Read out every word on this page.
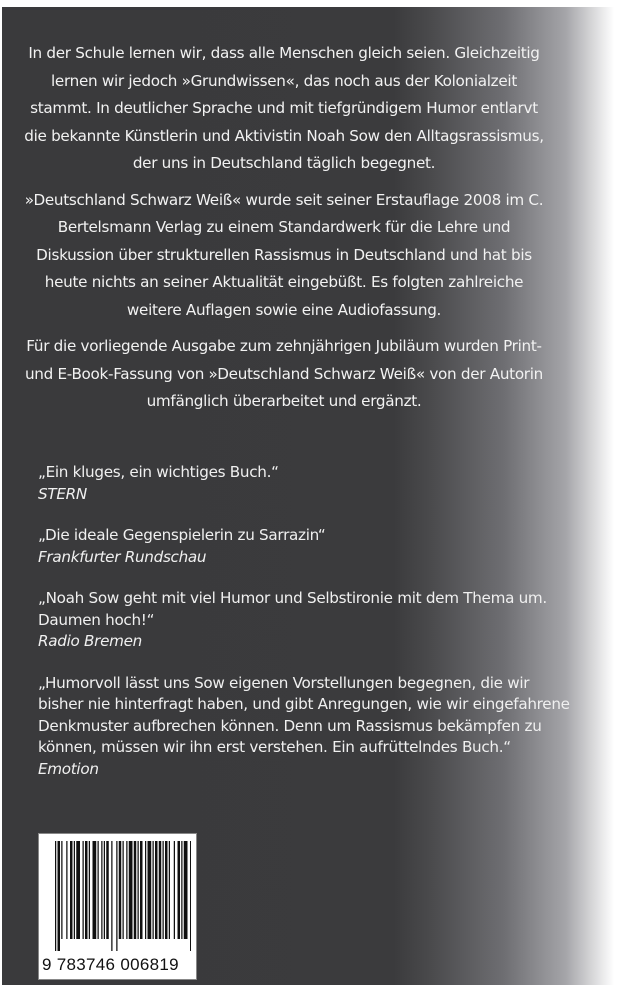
In der Schule lernen wir, dass alle Menschen gleich seien. Gleichzeitig lernen wir jedoch »Grundwissen«, das noch aus der Kolonialzeit stammt. In deutlicher Sprache und mit tiefgründigem Humor entlarvt die bekannte Künstlerin und Aktivistin Noah Sow den Alltagsrassismus, der uns in Deutschland täglich begegnet.

»Deutschland Schwarz Weiß« wurde seit seiner Erstauflage 2008 im C. Bertelsmann Verlag zu einem Standardwerk für die Lehre und Diskussion über strukturellen Rassismus in Deutschland und hat bis heute nichts an seiner Aktualität eingebüßt. Es folgten zahlreiche weitere Auflagen sowie eine Audiofassung.

Für die vorliegende Ausgabe zum zehnjährigen Jubiläum wurden Print- und E-Book-Fassung von »Deutschland Schwarz Weiß« von der Autorin umfänglich überarbeitet und ergänzt.

„Ein kluges, ein wichtiges Buch.“
STERN
„Die ideale Gegenspielerin zu Sarrazin“
Frankfurter Rundschau
„Noah Sow geht mit viel Humor und Selbstironie mit dem Thema um. Daumen hoch!“
Radio Bremen
„Humorvoll lässt uns Sow eigenen Vorstellungen begegnen, die wir bisher nie hinterfragt haben, und gibt Anregungen, wie wir eingefahrene Denkmuster aufbrechen können. Denn um Rassismus bekämpfen zu können, müssen wir ihn erst verstehen. Ein aufrüttelndes Buch.“
Emotion
9 783746 006819
